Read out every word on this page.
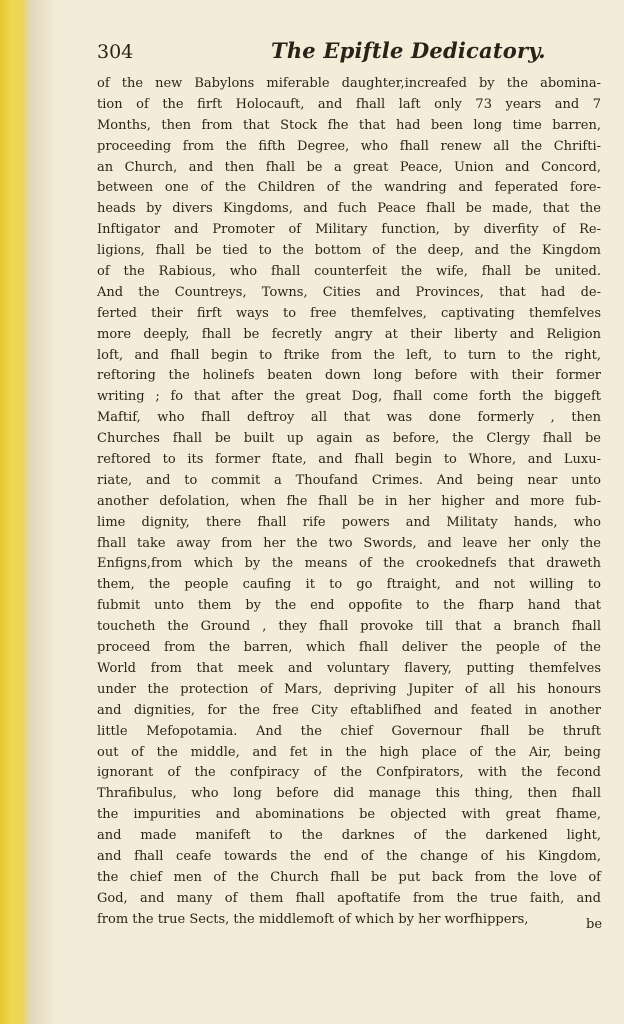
304	The Epiftle Dedicatory.
of the new Babylons miferable daughter,increafed by the abomina-
tion of the firft Holocauft, and fhall laft only 73 years and 7
Months, then from that Stock fhe that had been long time barren,
proceeding from the fifth Degree, who fhall renew all the Chrifti-
an Church, and then fhall be a great Peace, Union and Concord,
between one of the Children of the wandring and feperated fore-
heads by divers Kingdoms, and fuch Peace fhall be made, that the
Inftigator and Promoter of Military function, by diverfity of Re-
ligions, fhall be tied to the bottom of the deep, and the Kingdom
of the Rabious, who fhall counterfeit the wife, fhall be united.
And the Countreys, Towns, Cities and Provinces, that had de-
ferted their firft ways to free themfelves, captivating themfelves
more deeply, fhall be fecretly angry at their liberty and Religion
loft, and fhall begin to ftrike from the left, to turn to the right,
reftoring the holinefs beaten down long before with their former
writing ; fo that after the great Dog, fhall come forth the biggeft
Maftif, who fhall deftroy all that was done formerly , then
Churches fhall be built up again as before, the Clergy fhall be
reftored to its former ftate, and fhall begin to Whore, and Luxu-
riate, and to commit a Thoufand Crimes. And being near unto
another defolation, when fhe fhall be in her higher and more fub-
lime dignity, there fhall rife powers and Militaty hands, who
fhall take away from her the two Swords, and leave her only the
Enfigns,from which by the means of the crookednefs that draweth
them, the people caufing it to go ftraight, and not willing to
fubmit unto them by the end oppofite to the fharp hand that
toucheth the Ground , they fhall provoke till that a branch fhall
proceed from the barren, which fhall deliver the people of the
World from that meek and voluntary flavery, putting themfelves
under the protection of Mars, depriving Jupiter of all his honours
and dignities, for the free City eftablifhed and feated in another
little Mefopotamia. And the chief Governour fhall be thruft
out of the middle, and fet in the high place of the Air, being
ignorant of the confpiracy of the Confpirators, with the fecond
Thrafibulus, who long before did manage this thing, then fhall
the impurities and abominations be objected with great fhame,
and made manifeft to the darknes of the darkened light,
and fhall ceafe towards the end of the change of his Kingdom,
the chief men of the Church fhall be put back from the love of
God, and many of them fhall apoftatife from the true faith, and
from the true Sects, the middlemoft of which by her worfhippers,	be
